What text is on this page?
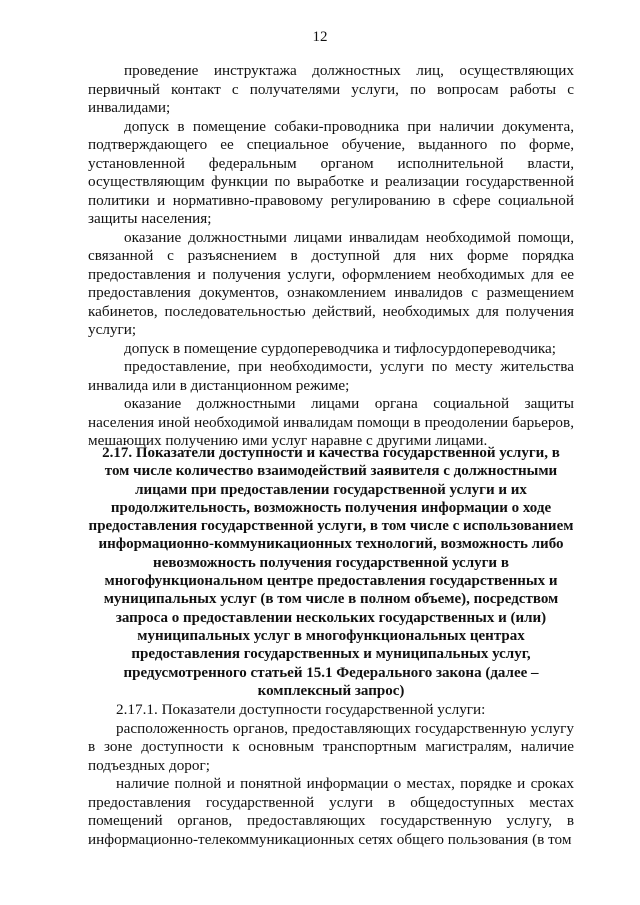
12

проведение инструктажа должностных лиц, осуществляющих первичный контакт с получателями услуги, по вопросам работы с инвалидами;

допуск в помещение собаки-проводника при наличии документа, подтверждающего ее специальное обучение, выданного по форме, установленной федеральным органом исполнительной власти, осуществляющим функции по выработке и реализации государственной политики и нормативно-правовому регулированию в сфере социальной защиты населения;

оказание должностными лицами инвалидам необходимой помощи, связанной с разъяснением в доступной для них форме порядка предоставления и получения услуги, оформлением необходимых для ее предоставления документов, ознакомлением инвалидов с размещением кабинетов, последовательностью действий, необходимых для получения услуги;

допуск в помещение сурдопереводчика и тифлосурдопереводчика;

предоставление, при необходимости, услуги по месту жительства инвалида или в дистанционном режиме;

оказание должностными лицами органа социальной защиты населения иной необходимой инвалидам помощи в преодолении барьеров, мешающих получению ими услуг наравне с другими лицами.

2.17. Показатели доступности и качества государственной услуги, в том числе количество взаимодействий заявителя с должностными лицами при предоставлении государственной услуги и их продолжительность, возможность получения информации о ходе предоставления государственной услуги, в том числе с использованием информационно-коммуникационных технологий, возможность либо невозможность получения государственной услуги в многофункциональном центре предоставления государственных и муниципальных услуг (в том числе в полном объеме), посредством запроса о предоставлении нескольких государственных и (или) муниципальных услуг в многофункциональных центрах предоставления государственных и муниципальных услуг, предусмотренного статьей 15.1 Федерального закона (далее – комплексный запрос)

2.17.1. Показатели доступности государственной услуги:

расположенность органов, предоставляющих государственную услугу в зоне доступности к основным транспортным магистралям, наличие подъездных дорог;

наличие полной и понятной информации о местах, порядке и сроках предоставления государственной услуги в общедоступных местах помещений органов, предоставляющих государственную услугу, в информационно-телекоммуникационных сетях общего пользования (в том
